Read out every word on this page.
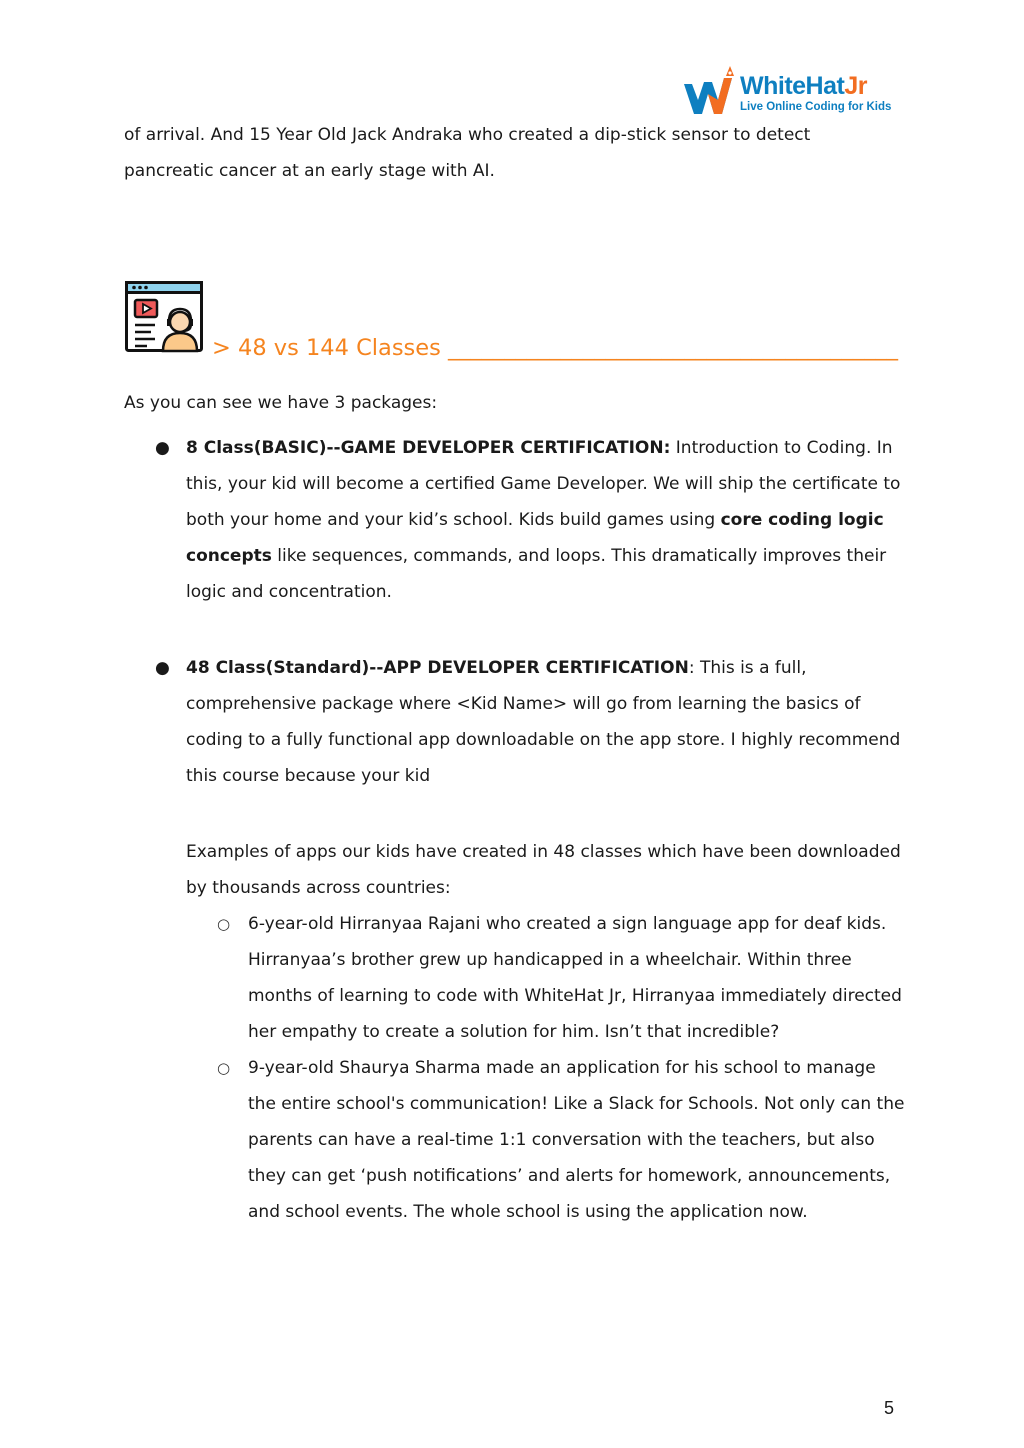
WhiteHatJr
Live Online Coding for Kids

of arrival. And 15 Year Old Jack Andraka who created a dip-stick sensor to detect pancreatic cancer at an early stage with AI.

> 48 vs 144 Classes ________________________________________

As you can see we have 3 packages:

● 8 Class(BASIC)--GAME DEVELOPER CERTIFICATION: Introduction to Coding. In this, your kid will become a certified Game Developer. We will ship the certificate to both your home and your kid’s school. Kids build games using core coding logic concepts like sequences, commands, and loops. This dramatically improves their logic and concentration.

● 48 Class(Standard)--APP DEVELOPER CERTIFICATION: This is a full, comprehensive package where <Kid Name> will go from learning the basics of coding to a fully functional app downloadable on the app store. I highly recommend this course because your kid

Examples of apps our kids have created in 48 classes which have been downloaded by thousands across countries:

○ 6-year-old Hirranyaa Rajani who created a sign language app for deaf kids. Hirranyaa’s brother grew up handicapped in a wheelchair. Within three months of learning to code with WhiteHat Jr, Hirranyaa immediately directed her empathy to create a solution for him. Isn’t that incredible?

○ 9-year-old Shaurya Sharma made an application for his school to manage the entire school's communication! Like a Slack for Schools. Not only can the parents can have a real-time 1:1 conversation with the teachers, but also they can get ‘push notifications’ and alerts for homework, announcements, and school events. The whole school is using the application now.

5
